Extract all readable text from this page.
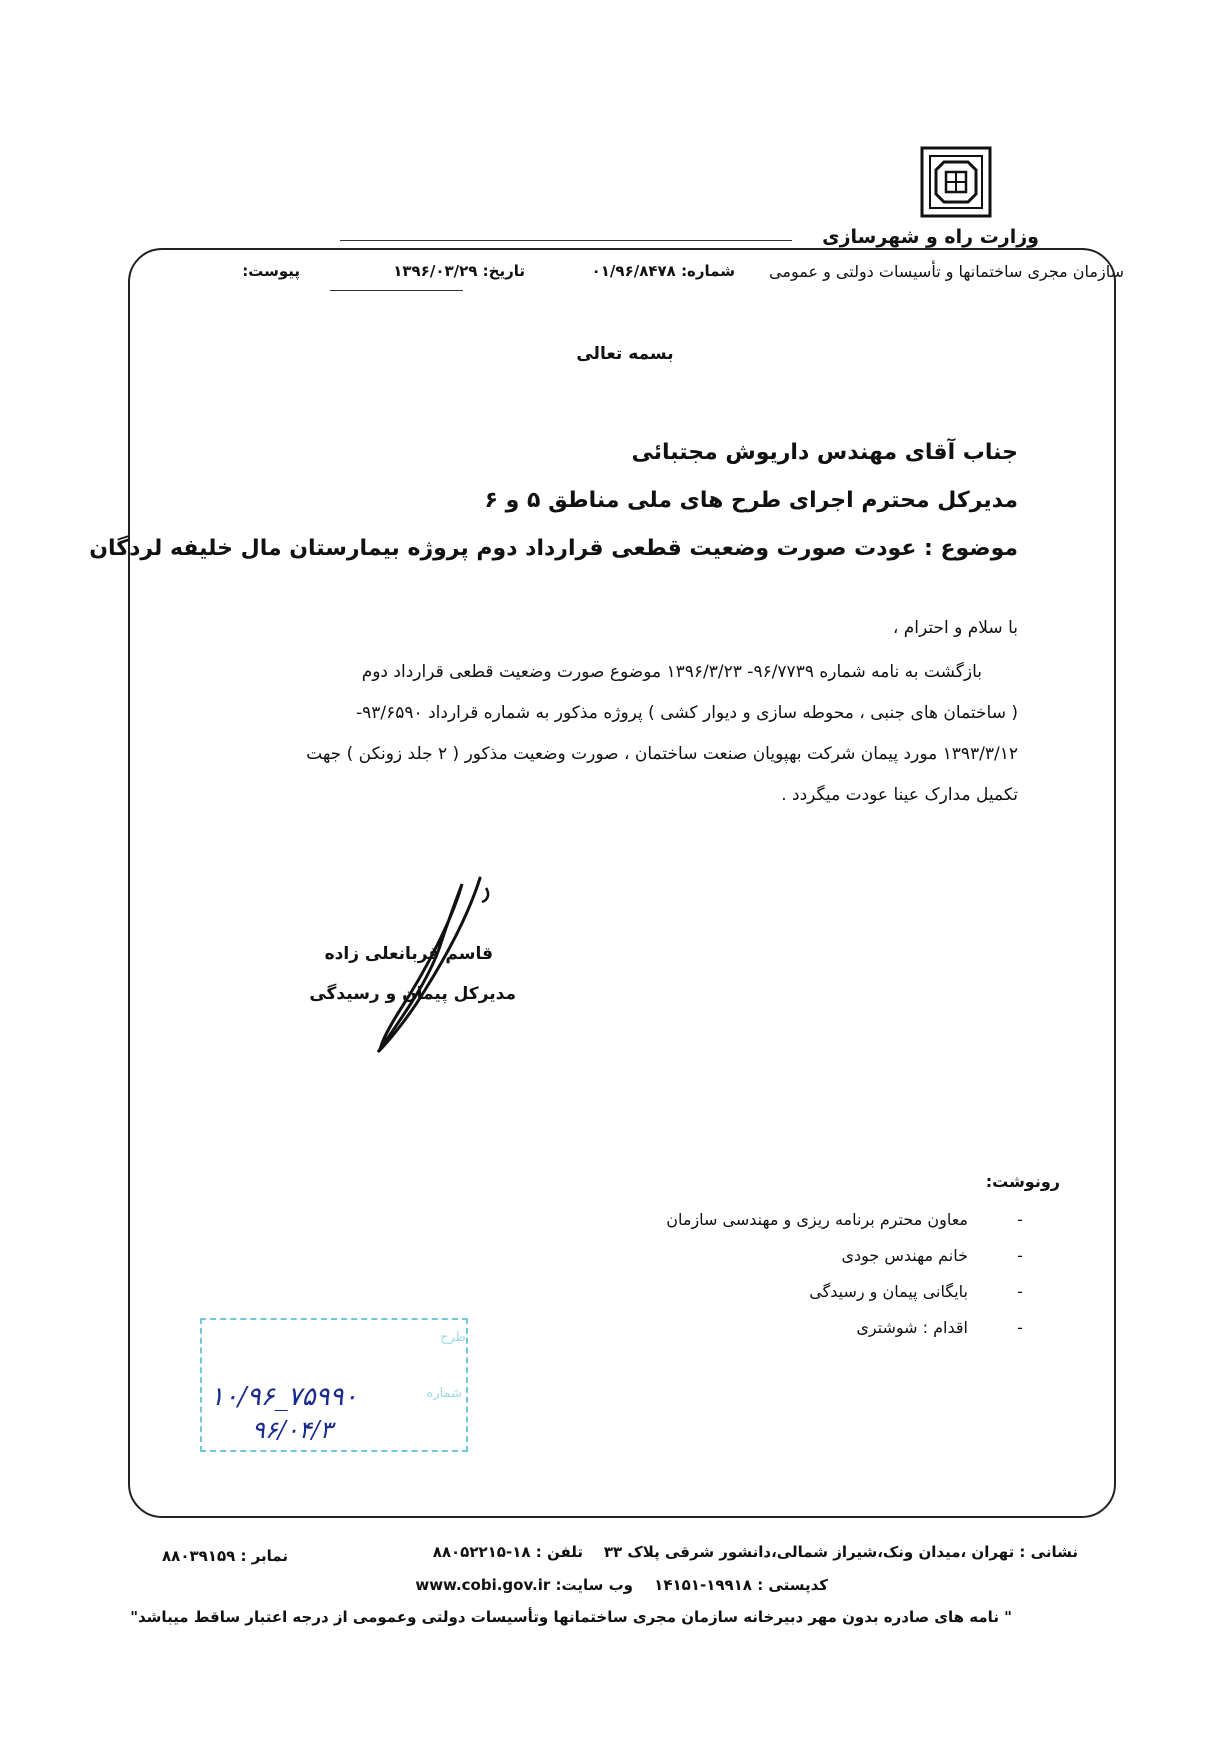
وزارت راه و شهرسازی
سازمان مجری ساختمانها و تأسیسات دولتی و عمومی
شماره: ۰۱/۹۶/۸۴۷۸
تاریخ: ۱۳۹۶/۰۳/۲۹
پیوست:
بسمه تعالی
جناب آقای مهندس داریوش مجتبائی
مدیرکل محترم اجرای طرح های ملی مناطق ۵ و ۶
موضوع : عودت صورت وضعیت قطعی قرارداد دوم پروژه بیمارستان مال خلیفه لردگان
با سلام و احترام ،
بازگشت به نامه شماره ۹۶/۷۷۳۹- ۱۳۹۶/۳/۲۳ موضوع صورت وضعیت قطعی قرارداد دوم
( ساختمان های جنبی ، محوطه سازی و دیوار کشی ) پروژه مذکور به شماره قرارداد ۹۳/۶۵۹۰-
۱۳۹۳/۳/۱۲ مورد پیمان شرکت بهپویان صنعت ساختمان ، صورت وضعیت مذکور ( ۲ جلد زونکن ) جهت
تکمیل مدارک عینا عودت میگردد .
قاسم قربانعلی زاده
مدیرکل پیمان و رسیدگی
رونوشت:
-معاون محترم برنامه ریزی و مهندسی سازمان
-خانم مهندس جودی
-بایگانی پیمان و رسیدگی
-اقدام : شوشتری
طرح
شماره
۱۰/۹۶_۷۵۹۹۰
۹۶/۰۴/۳
نشانی : تهران ،میدان ونک،شیراز شمالی،دانشور شرقی پلاک ۳۳
تلفن : ۱۸-۸۸۰۵۲۲۱۵
نمابر : ۸۸۰۳۹۱۵۹
کدپستی : ۱۹۹۱۸-۱۴۱۵۱
وب سایت: www.cobi.gov.ir
" نامه های صادره بدون مهر دبیرخانه سازمان مجری ساختمانها وتأسیسات دولتی وعمومی از درجه اعتبار ساقط میباشد"
